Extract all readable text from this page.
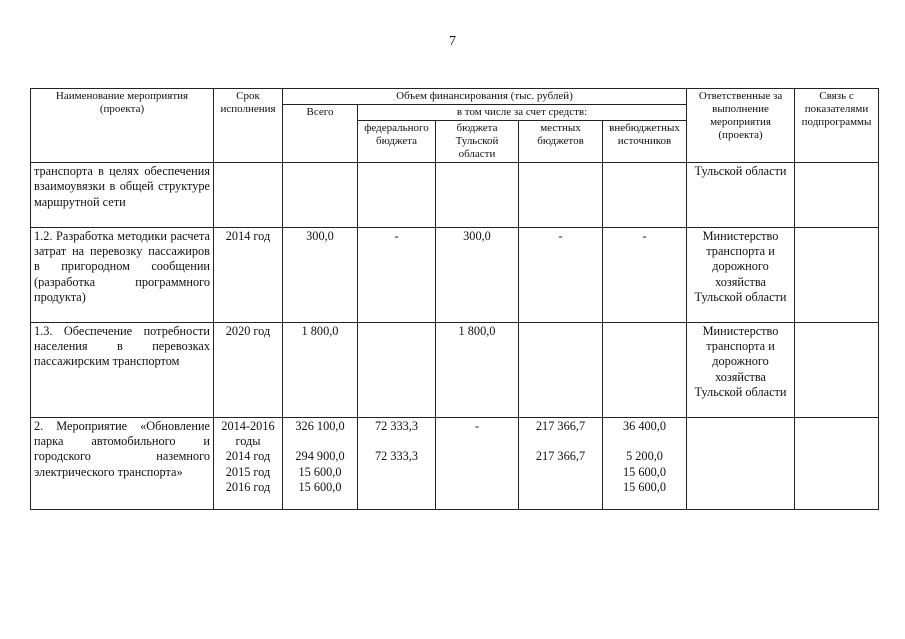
7
Наименование мероприятия (проекта)	Срок исполнения	Объем финансирования (тыс. рублей)					Ответственные за выполнение мероприятия (проекта)	Связь с показателями подпрограммы
		Всего	в том числе за счет средств:					
			федерального бюджета	бюджета Тульской области	местных бюджетов	внебюджетных источников		
транспорта в целях обеспечения взаимоувязки в общей структуре маршрутной сети							Тульской области	
1.2. Разработка методики расчета затрат на перевозку пассажиров в пригородном сообщении (разработка программного продукта)	2014 год	300,0	-	300,0	-	-	Министерство транспорта и дорожного хозяйства Тульской области	
1.3. Обеспечение потребности населения в перевозках пассажирским транспортом	2020 год	1 800,0		1 800,0			Министерство транспорта и дорожного хозяйства Тульской области	
2. Мероприятие «Обновление парка автомобильного и городского наземного электрического транспорта»	2014-2016
годы
2014 год
2015 год
2016 год	326 100,0
294 900,0
15 600,0
15 600,0	72 333,3
72 333,3	-	217 366,7
217 366,7	36 400,0
5 200,0
15 600,0
15 600,0		
